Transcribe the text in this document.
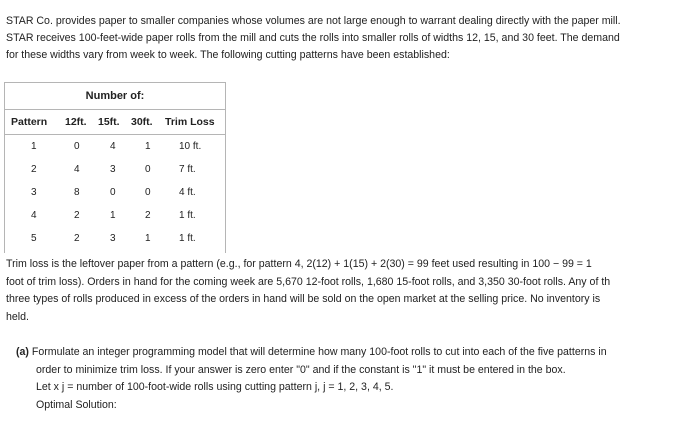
STAR Co. provides paper to smaller companies whose volumes are not large enough to warrant dealing directly with the paper mill.
STAR receives 100-feet-wide paper rolls from the mill and cuts the rolls into smaller rolls of widths 12, 15, and 30 feet. The demand
for these widths vary from week to week. The following cutting patterns have been established:
Number of:
Pattern 12ft. 15ft. 30ft. Trim Loss
1	0	4	1	10 ft.
2	4	3	0	7 ft.
3	8	0	0	4 ft.
4	2	1	2	1 ft.
5	2	3	1	1 ft.
Trim loss is the leftover paper from a pattern (e.g., for pattern 4, 2(12) + 1(15) + 2(30) = 99 feet used resulting in 100 − 99 = 1
foot of trim loss). Orders in hand for the coming week are 5,670 12-foot rolls, 1,680 15-foot rolls, and 3,350 30-foot rolls. Any of th
three types of rolls produced in excess of the orders in hand will be sold on the open market at the selling price. No inventory is
held.
(a) Formulate an integer programming model that will determine how many 100-foot rolls to cut into each of the five patterns in
order to minimize trim loss. If your answer is zero enter "0" and if the constant is "1" it must be entered in the box.
Let x j = number of 100-foot-wide rolls using cutting pattern j, j = 1, 2, 3, 4, 5.
Optimal Solution:
